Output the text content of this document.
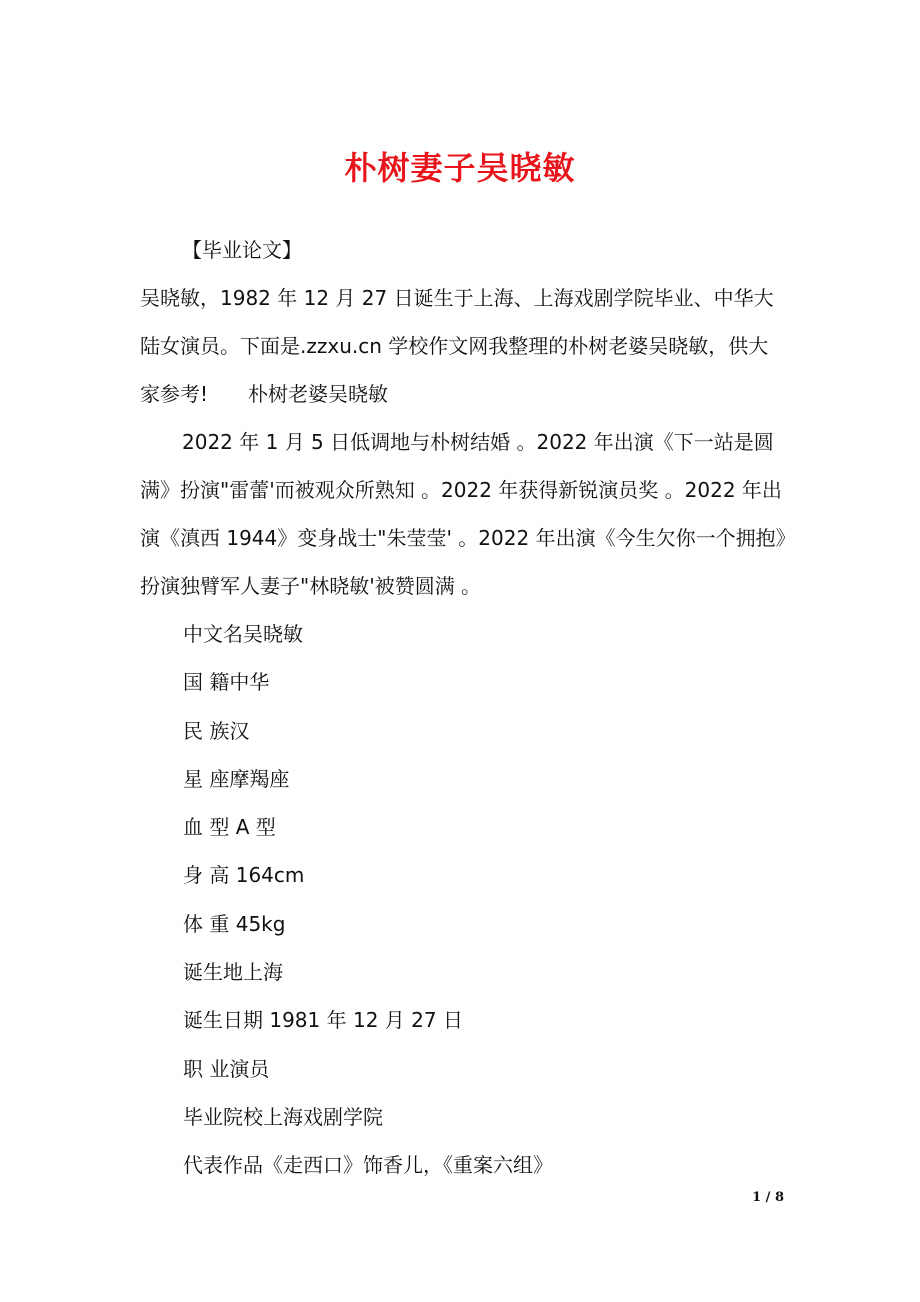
朴树妻子吴晓敏

【毕业论文】

吴晓敏，1982 年 12 月 27 日诞生于上海、上海戏剧学院毕业、中华大陆女演员。下面是.zzxu.cn 学校作文网我整理的朴树老婆吴晓敏，供大家参考!　　朴树老婆吴晓敏

2022 年 1 月 5 日低调地与朴树结婚 。2022 年出演《下一站是圆满》扮演"雷蕾'而被观众所熟知 。2022 年获得新锐演员奖 。2022 年出演《滇西 1944》变身战士"朱莹莹' 。2022 年出演《今生欠你一个拥抱》扮演独臂军人妻子"林晓敏'被赞圆满 。

中文名吴晓敏

国 籍中华

民 族汉

星 座摩羯座

血 型 A 型

身 高 164cm

体 重 45kg

诞生地上海

诞生日期 1981 年 12 月 27 日

职 业演员

毕业院校上海戏剧学院

代表作品《走西口》饰香儿，《重案六组》

1 / 8
